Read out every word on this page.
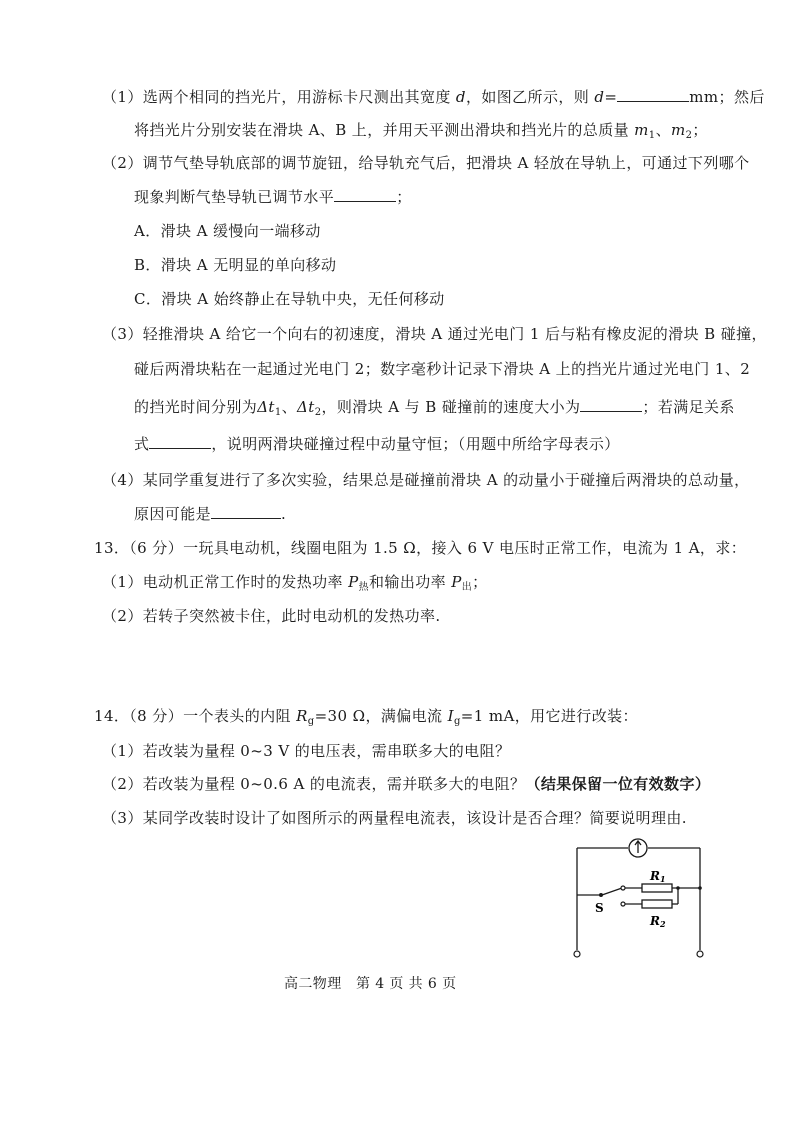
（1）选两个相同的挡光片，用游标卡尺测出其宽度 d，如图乙所示，则 d=	mm；然后
将挡光片分别安装在滑块 A、B 上，并用天平测出滑块和挡光片的总质量 $m_1$、$m_2$；
（2）调节气垫导轨底部的调节旋钮，给导轨充气后，把滑块 A 轻放在导轨上，可通过下列哪个
现象判断气垫导轨已调节水平	；
A．滑块 A 缓慢向一端移动
B．滑块 A 无明显的单向移动
C．滑块 A 始终静止在导轨中央，无任何移动
（3）轻推滑块 A 给它一个向右的初速度，滑块 A 通过光电门 1 后与粘有橡皮泥的滑块 B 碰撞，
碰后两滑块粘在一起通过光电门 2；数字毫秒计记录下滑块 A 上的挡光片通过光电门 1、2
的挡光时间分别为$\Delta t_1$、$\Delta t_2$，则滑块 A 与 B 碰撞前的速度大小为	；若满足关系
式	，说明两滑块碰撞过程中动量守恒；（用题中所给字母表示）
（4）某同学重复进行了多次实验，结果总是碰撞前滑块 A 的动量小于碰撞后两滑块的总动量，
原因可能是	.
13．（6 分）一玩具电动机，线圈电阻为 1.5 Ω，接入 6 V 电压时正常工作，电流为 1 A，求：
（1）电动机正常工作时的发热功率 $P_热$和输出功率 $P_出$；
（2）若转子突然被卡住，此时电动机的发热功率.
14．（8 分）一个表头的内阻 $R_g=30$ Ω，满偏电流 $I_g=1$ mA，用它进行改装：
（1）若改装为量程 0~3 V 的电压表，需串联多大的电阻？
（2）若改装为量程 0~0.6 A 的电流表，需并联多大的电阻？（结果保留一位有效数字）
（3）某同学改装时设计了如图所示的两量程电流表，该设计是否合理？简要说明理由.
S
R1
R2
高二物理　第 4 页 共 6 页
